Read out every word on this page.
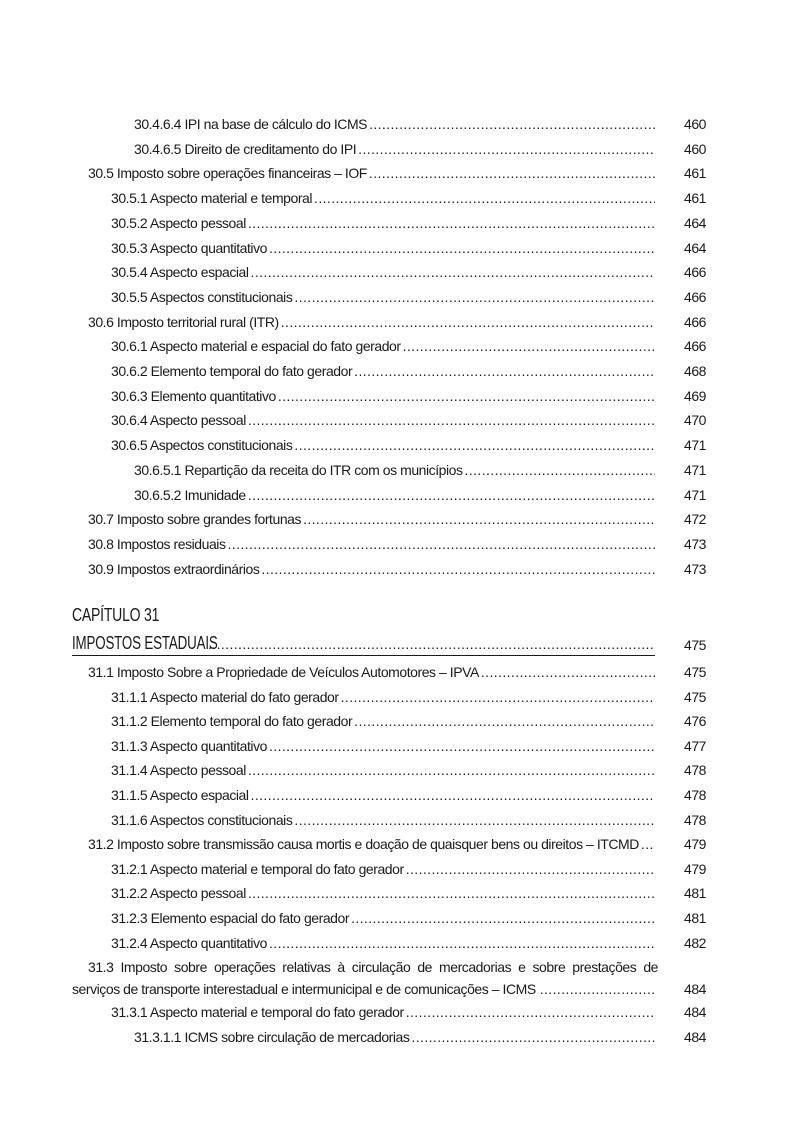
30.4.6.4 IPI na base de cálculo do ICMS .....	460
30.4.6.5 Direito de creditamento do IPI .....	460
30.5 Imposto sobre operações financeiras – IOF .....	461
30.5.1 Aspecto material e temporal .....	461
30.5.2 Aspecto pessoal .....	464
30.5.3 Aspecto quantitativo .....	464
30.5.4 Aspecto espacial .....	466
30.5.5 Aspectos constitucionais .....	466
30.6 Imposto territorial rural (ITR) .....	466
30.6.1 Aspecto material e espacial do fato gerador .....	466
30.6.2 Elemento temporal do fato gerador .....	468
30.6.3 Elemento quantitativo .....	469
30.6.4 Aspecto pessoal .....	470
30.6.5 Aspectos constitucionais .....	471
30.6.5.1 Repartição da receita do ITR com os municípios .....	471
30.6.5.2 Imunidade .....	471
30.7 Imposto sobre grandes fortunas .....	472
30.8 Impostos residuais .....	473
30.9 Impostos extraordinários .....	473
CAPÍTULO 31
IMPOSTOS ESTADUAIS .....	475
31.1 Imposto Sobre a Propriedade de Veículos Automotores – IPVA .....	475
31.1.1 Aspecto material do fato gerador .....	475
31.1.2 Elemento temporal do fato gerador .....	476
31.1.3 Aspecto quantitativo .....	477
31.1.4 Aspecto pessoal .....	478
31.1.5 Aspecto espacial .....	478
31.1.6 Aspectos constitucionais .....	478
31.2 Imposto sobre transmissão causa mortis e doação de quaisquer bens ou direitos – ITCMD .....	479
31.2.1 Aspecto material e temporal do fato gerador .....	479
31.2.2 Aspecto pessoal .....	481
31.2.3 Elemento espacial do fato gerador .....	481
31.2.4 Aspecto quantitativo .....	482
31.3 Imposto sobre operações relativas à circulação de mercadorias e sobre prestações de
serviços de transporte interestadual e intermunicipal e de comunicações – ICMS .....	484
31.3.1 Aspecto material e temporal do fato gerador .....	484
31.3.1.1 ICMS sobre circulação de mercadorias .....	484
